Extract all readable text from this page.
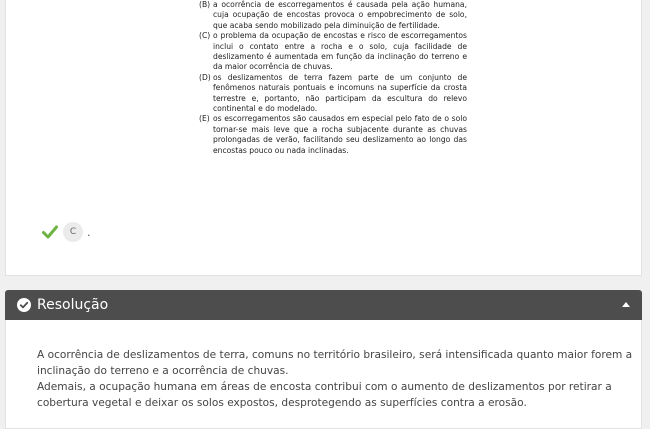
(B) a ocorrência de escorregamentos é causada pela ação humana, cuja ocupação de encostas provoca o empobrecimento de solo, que acaba sendo mobilizado pela diminuição de fertilidade.
(C) o problema da ocupação de encostas e risco de escorregamentos inclui o contato entre a rocha e o solo, cuja facilidade de deslizamento é aumentada em função da inclinação do terreno e da maior ocorrência de chuvas.
(D) os deslizamentos de terra fazem parte de um conjunto de fenômenos naturais pontuais e incomuns na superfície da crosta terrestre e, portanto, não participam da escultura do relevo continental e do modelado.
(E) os escorregamentos são causados em especial pelo fato de o solo tornar-se mais leve que a rocha subjacente durante as chuvas prolongadas de verão, facilitando seu deslizamento ao longo das encostas pouco ou nada inclinadas.
C .
Resolução
A ocorrência de deslizamentos de terra, comuns no território brasileiro, será intensificada quanto maior forem a inclinação do terreno e a ocorrência de chuvas.
Ademais, a ocupação humana em áreas de encosta contribui com o aumento de deslizamentos por retirar a cobertura vegetal e deixar os solos expostos, desprotegendo as superfícies contra a erosão.
